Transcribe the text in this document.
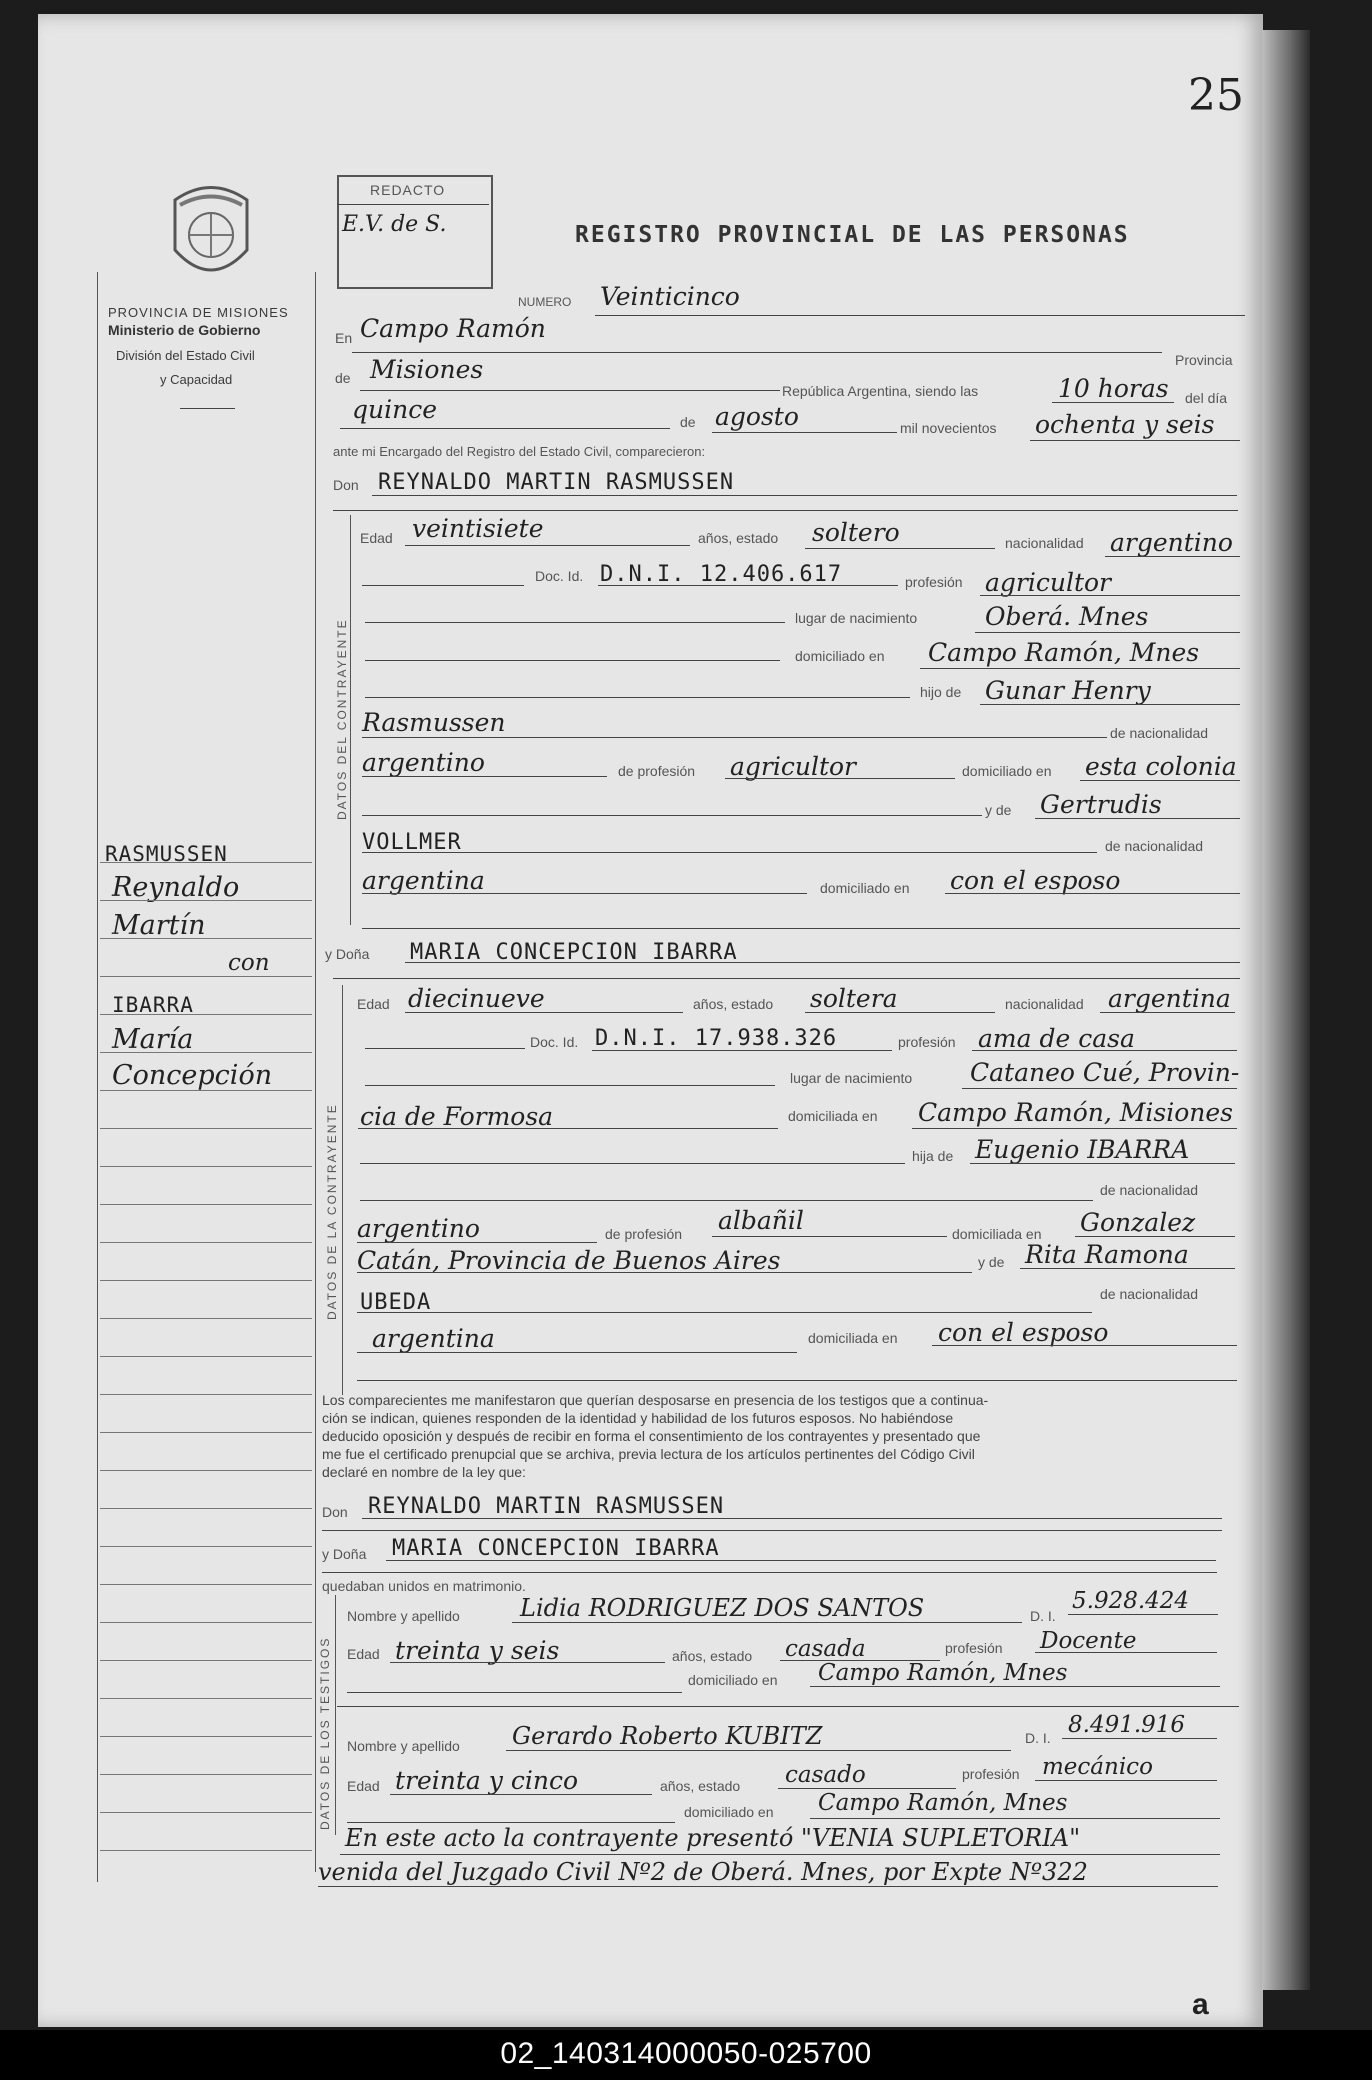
02_140314000050-025700
25
PROVINCIA DE MISIONES
Ministerio de Gobierno
División del Estado Civil
y Capacidad
REDACTO
E.V. de S.	REGISTRO PROVINCIAL DE LAS PERSONAS
NUMERO Veinticinco
En Campo Ramón
Provincia
de Misiones
República Argentina, siendo las	10 horas del día
quince	de agosto	mil novecientos ochenta y seis
ante mi Encargado del Registro del Estado Civil, comparecieron:
Don REYNALDO MARTIN RASMUSSEN
DATOS DEL CONTRAYENTE
Edad veintisiete	años, estado soltero	nacionalidad argentino
Doc. Id. D.N.I. 12.406.617	profesión agricultor
lugar de nacimiento	Oberá. Mnes
domiciliado en Campo Ramón, Mnes
hijo de Gunar Henry
Rasmussen	de nacionalidad
argentino	de profesión agricultor	domiciliado en esta colonia
y de Gertrudis
VOLLMER	de nacionalidad
argentina	domiciliado en con el esposo
y Doña MARIA CONCEPCION IBARRA
DATOS DE LA CONTRAYENTE
Edad diecinueve	años, estado soltera	nacionalidad argentina
Doc. Id. D.N.I. 17.938.326	profesión ama de casa
lugar de nacimiento Cataneo Cué, Provin-
cia de Formosa	domiciliada en Campo Ramón, Misiones
hija de Eugenio IBARRA
de nacionalidad
argentino	de profesión albañil	domiciliada en Gonzalez
Catán, Provincia de Buenos Aires	y de Rita Ramona
UBEDA	de nacionalidad
argentina	domiciliada en con el esposo
Los comparecientes me manifestaron que querían desposarse en presencia de los testigos que a continua-
ción se indican, quienes responden de la identidad y habilidad de los futuros esposos. No habiéndose
deducido oposición y después de recibir en forma el consentimiento de los contrayentes y presentado que
me fue el certificado prenupcial que se archiva, previa lectura de los artículos pertinentes del Código Civil
declaré en nombre de la ley que:
Don REYNALDO MARTIN RASMUSSEN
y Doña MARIA CONCEPCION IBARRA
quedaban unidos en matrimonio.
DATOS DE LOS TESTIGOS
Nombre y apellido	Lidia RODRIGUEZ DOS SANTOS	D. I.
5.928.424
Edad treinta y seis	años, estado casada	profesión Docente
domiciliado en Campo Ramón, Mnes
Nombre y apellido Gerardo Roberto KUBITZ	D. I. 8.491.916
Edad treinta y cinco	años, estado casado	profesión mecánico
domiciliado en Campo Ramón, Mnes
En este acto la contrayente presentó "VENIA SUPLETORIA"
venida del Juzgado Civil Nº2 de Oberá. Mnes, por Expte Nº322
RASMUSSEN
Reynaldo
Martín
con
IBARRA
María
Concepción
a
